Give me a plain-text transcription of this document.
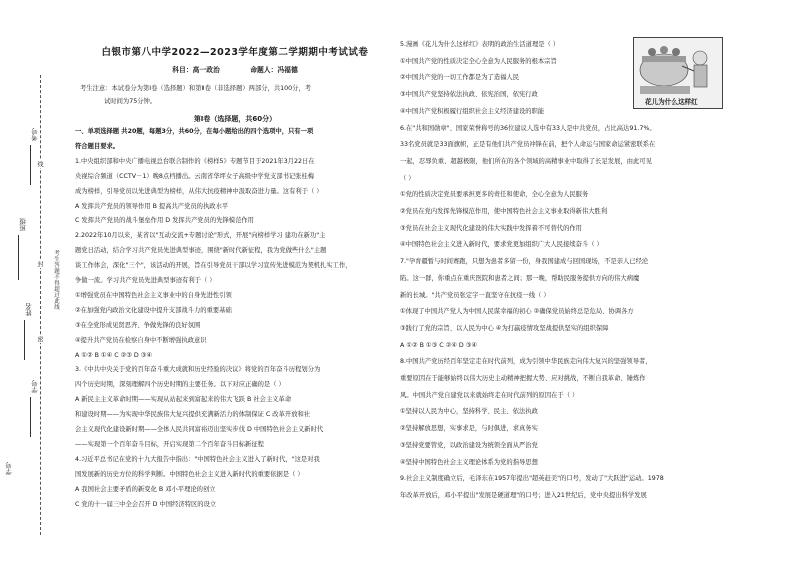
线
封
密
考号
班级
姓名
学号
学号
考生答题不得超过此线
白银市第八中学2022—2023学年度第二学期期中考试试卷
科目：高一政治	命题人：冯福德
考生注意：本试卷分为第Ⅰ卷（选择题）和第Ⅱ卷（非选择题）两部分，共100分，考
试时间为75分钟。
第Ⅰ卷（选择题，共60分）
一、单项选择题 共20题，每题3分，共60分，在每小题给出的四个选项中，只有一项
符合题目要求。
1.中央组织部和中央广播电视总台联合制作的《榜样5》专题节目于2021年3月22日在
央视综合频道（CCTV－1）晚8点档播出。云南省华坪女子高级中学党支部书记张桂梅
成为榜样，引导党员以先进典型为榜样，从伟大抗疫精神中汲取奋进力量。这有利于（ ）
A 发挥共产党员的领导作用 B 提高共产党员的执政水平
C 发挥共产党员的战斗堡垒作用 D 发挥共产党员的先锋模范作用
2.2022年10月以来，某省以"互动交流+专题讨论"形式，开展"向榜样学习 建功在新功"主
题党日活动，结合学习共产党员先进典型事迹，围绕"新时代新征程，我为党做些什么"主题
谈工作体会，深化"三个"，该活动的开展，旨在引导党员干部以学习宣传先进模范为契机扎实工作，
争做一流。学习共产党员先进典型事迹有利于（ ）
①增强党员在中国特色社会主义事业中的自身先进性引领
②在加强党内政治文化建设中提升支部战斗力的重要基础
③在全党形成见贤思齐、争做先锋的良好氛围
④提升共产党员在检察自身中不断增强执政意识
A ①② B ①④ C ②③ D ③④
3.《中共中央关于党的百年奋斗重大成就和历史经验的决议》将党的百年奋斗历程划分为
四个历史时期，深刻理解四个历史时期的主要任务。以下对应正确的是（ ）
A 新民主主义革命时期——实现从站起来到富起来的伟大飞跃 B 社会主义革命
和建设时期——为实现中华民族伟大复兴提供充满新活力的体制保证 C 改革开放和社
会主义现代化建设新时期——全体人民共同富裕迈出坚实步伐 D 中国特色社会主义新时代
——实现第一个百年奋斗目标，开启实现第二个百年奋斗目标新征程
4.习近平总书记在党的十九大报告中指出："中国特色社会主义进入了新时代，"这是对我
国发展新的历史方位的科学判断。中国特色社会主义进入新时代的重要依据是（ ）
A 我国社会主要矛盾的新变化 B 邓小平理论的创立
C 党的十一届三中全会召开 D 中国经济特区的设立
5.漫画《花儿为什么这样红》表明的政治生活道理是（ ）
①中国共产党的性质决定全心全意为人民服务的根本宗旨
②中国共产党的一切工作都是为了造福人民
③中国共产党坚持依法执政、依宪治国，依宪行政
④中国共产党积极履行组织社会主义经济建设的职能
6.在"共和国勋章"、国家荣誉称号的36位建议人选中有33人是中共党员，占比高达91.7%。
33名党员就是33面旗帜，正是有他们共产党员冲锋在前，把个人命运与国家命运紧密联系在
一起，忍辱负重、超越极限，他们所在的各个领域的高精事业中取得了长足发展，由此可见
（ ）
①党的性质决定党员要承担更多的责任和使命，全心全意为人民服务
②党员在党内发挥先锋模范作用，使中国特色社会主义事业取得新伟大胜利
③党员在社会主义现代化建设的伟大实践中发挥着不可替代的作用
④中国特色社会主义进入新时代，要求党更加组织广大人民接续奋斗（ ）
7."孕育疆暂与时间赛跑，只想为患者多留一份，身我国建成与回国现场，不是亲人已经沦
陷。这一群，你重点在重庆医院和患者之间；那一晚，帮助民服务提供方向的伟大病魔
新的长城。"共产党员张定宇一直坚守在抗疫一线（ ）
①体现了中国共产党人为中国人民谋幸福的初心 ②确保党员始终总是危局、协调各方
③践行了党的宗旨、以人民为中心 ④为打赢疫情攻坚战提供坚实的组织保障
A ①② B ①③ C ②④ D ③④
8.中国共产党历经百年坚定走在时代前列，成为引领中华民族走向伟大复兴的坚强领导者，
重要原因在于能够始终以伟大历史主动精神把握大势、应对挑战，不断自我革命、锤炼作
风。中国共产党自建党以来就始终走在时代前列的原因在于（ ）
①坚持以人民为中心，坚持科学、民主、依法执政
②坚持解放思想，实事求是，与时俱进，求真务实
③坚持党要管党，以政治建设为统领全面从严治党
④坚持中国特色社会主义理论体系为党的指导思想
9.社会主义制度确立后，毛泽东在1957年提出"超英赶美"的口号，发动了"大跃进"运动。1978
年改革开放后，邓小平提出"发展是硬道理"的口号；进入21世纪后，党中央提出科学发展
花儿为什么这样红
